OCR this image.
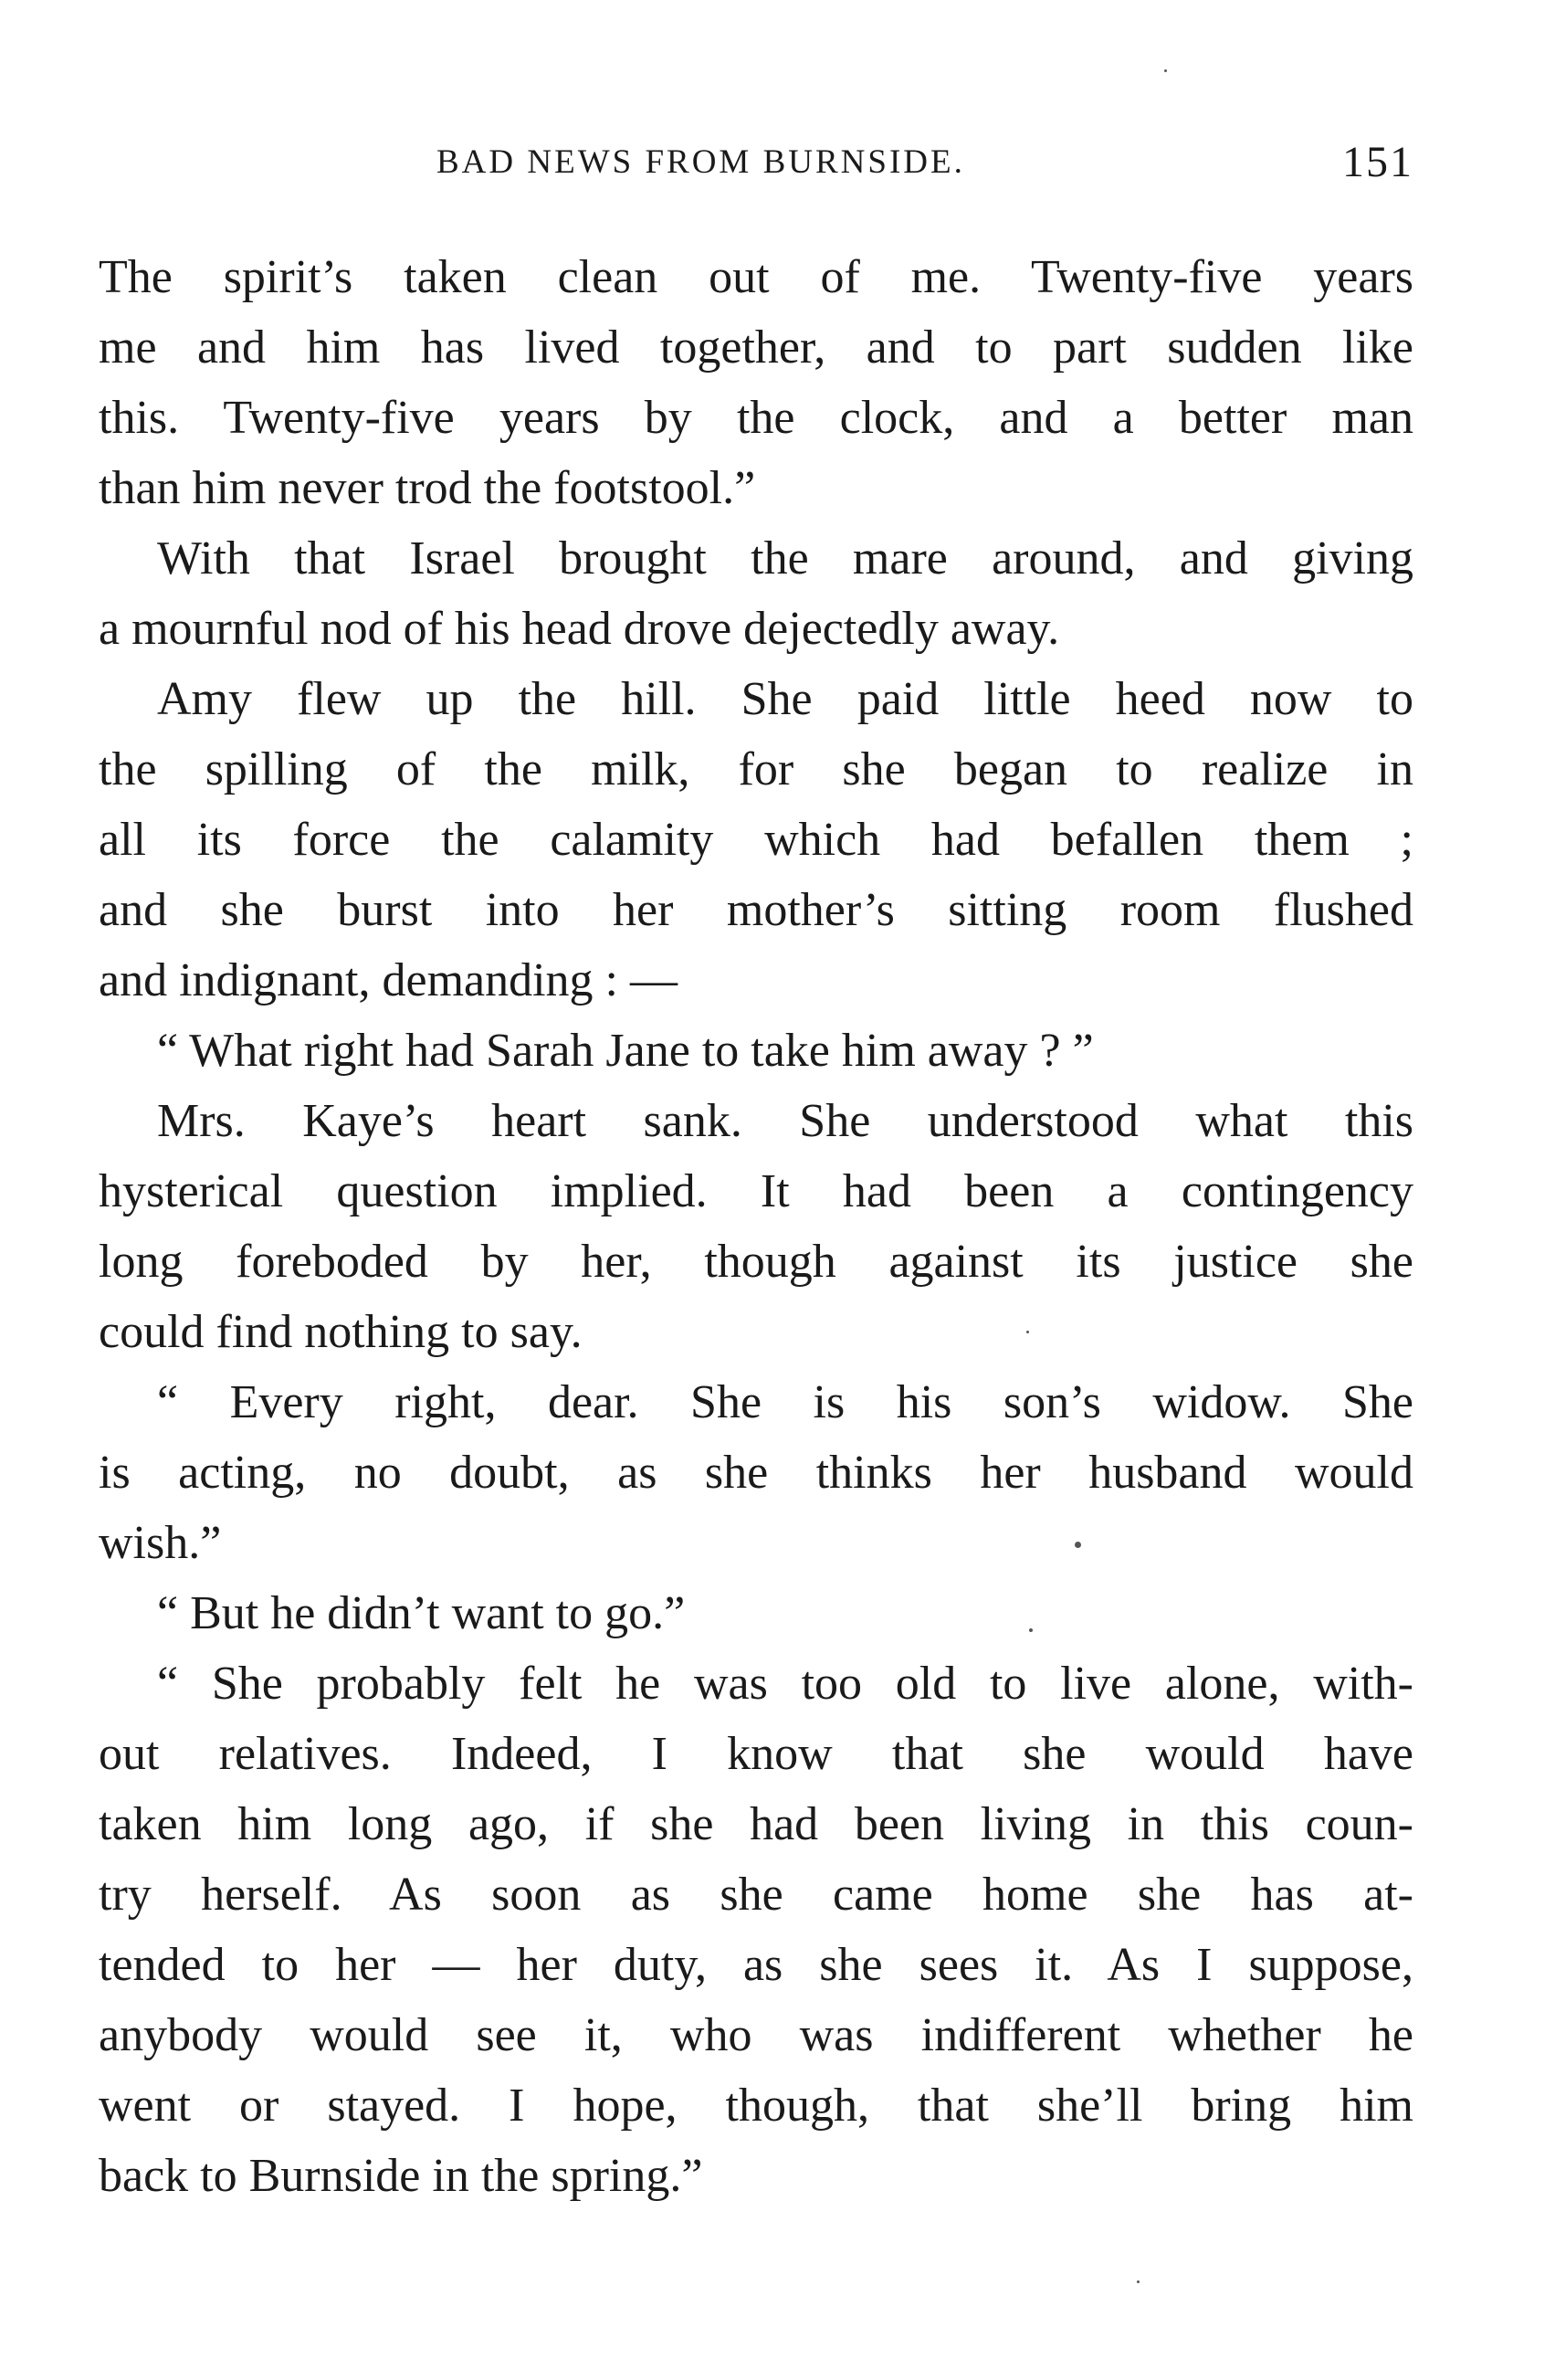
BAD NEWS FROM BURNSIDE.	151
The spirit’s taken clean out of me. Twenty-five years
me and him has lived together, and to part sudden like
this. Twenty-five years by the clock, and a better man
than him never trod the footstool.”
With that Israel brought the mare around, and giving
a mournful nod of his head drove dejectedly away.
Amy flew up the hill. She paid little heed now to
the spilling of the milk, for she began to realize in
all its force the calamity which had befallen them ;
and she burst into her mother’s sitting room flushed
and indignant, demanding : —
“ What right had Sarah Jane to take him away ? ”
Mrs. Kaye’s heart sank. She understood what this
hysterical question implied. It had been a contingency
long foreboded by her, though against its justice she
could find nothing to say.
“ Every right, dear. She is his son’s widow. She
is acting, no doubt, as she thinks her husband would
wish.”
“ But he didn’t want to go.”
“ She probably felt he was too old to live alone, with-
out relatives. Indeed, I know that she would have
taken him long ago, if she had been living in this coun-
try herself. As soon as she came home she has at-
tended to her — her duty, as she sees it. As I suppose,
anybody would see it, who was indifferent whether he
went or stayed. I hope, though, that she’ll bring him
back to Burnside in the spring.”
